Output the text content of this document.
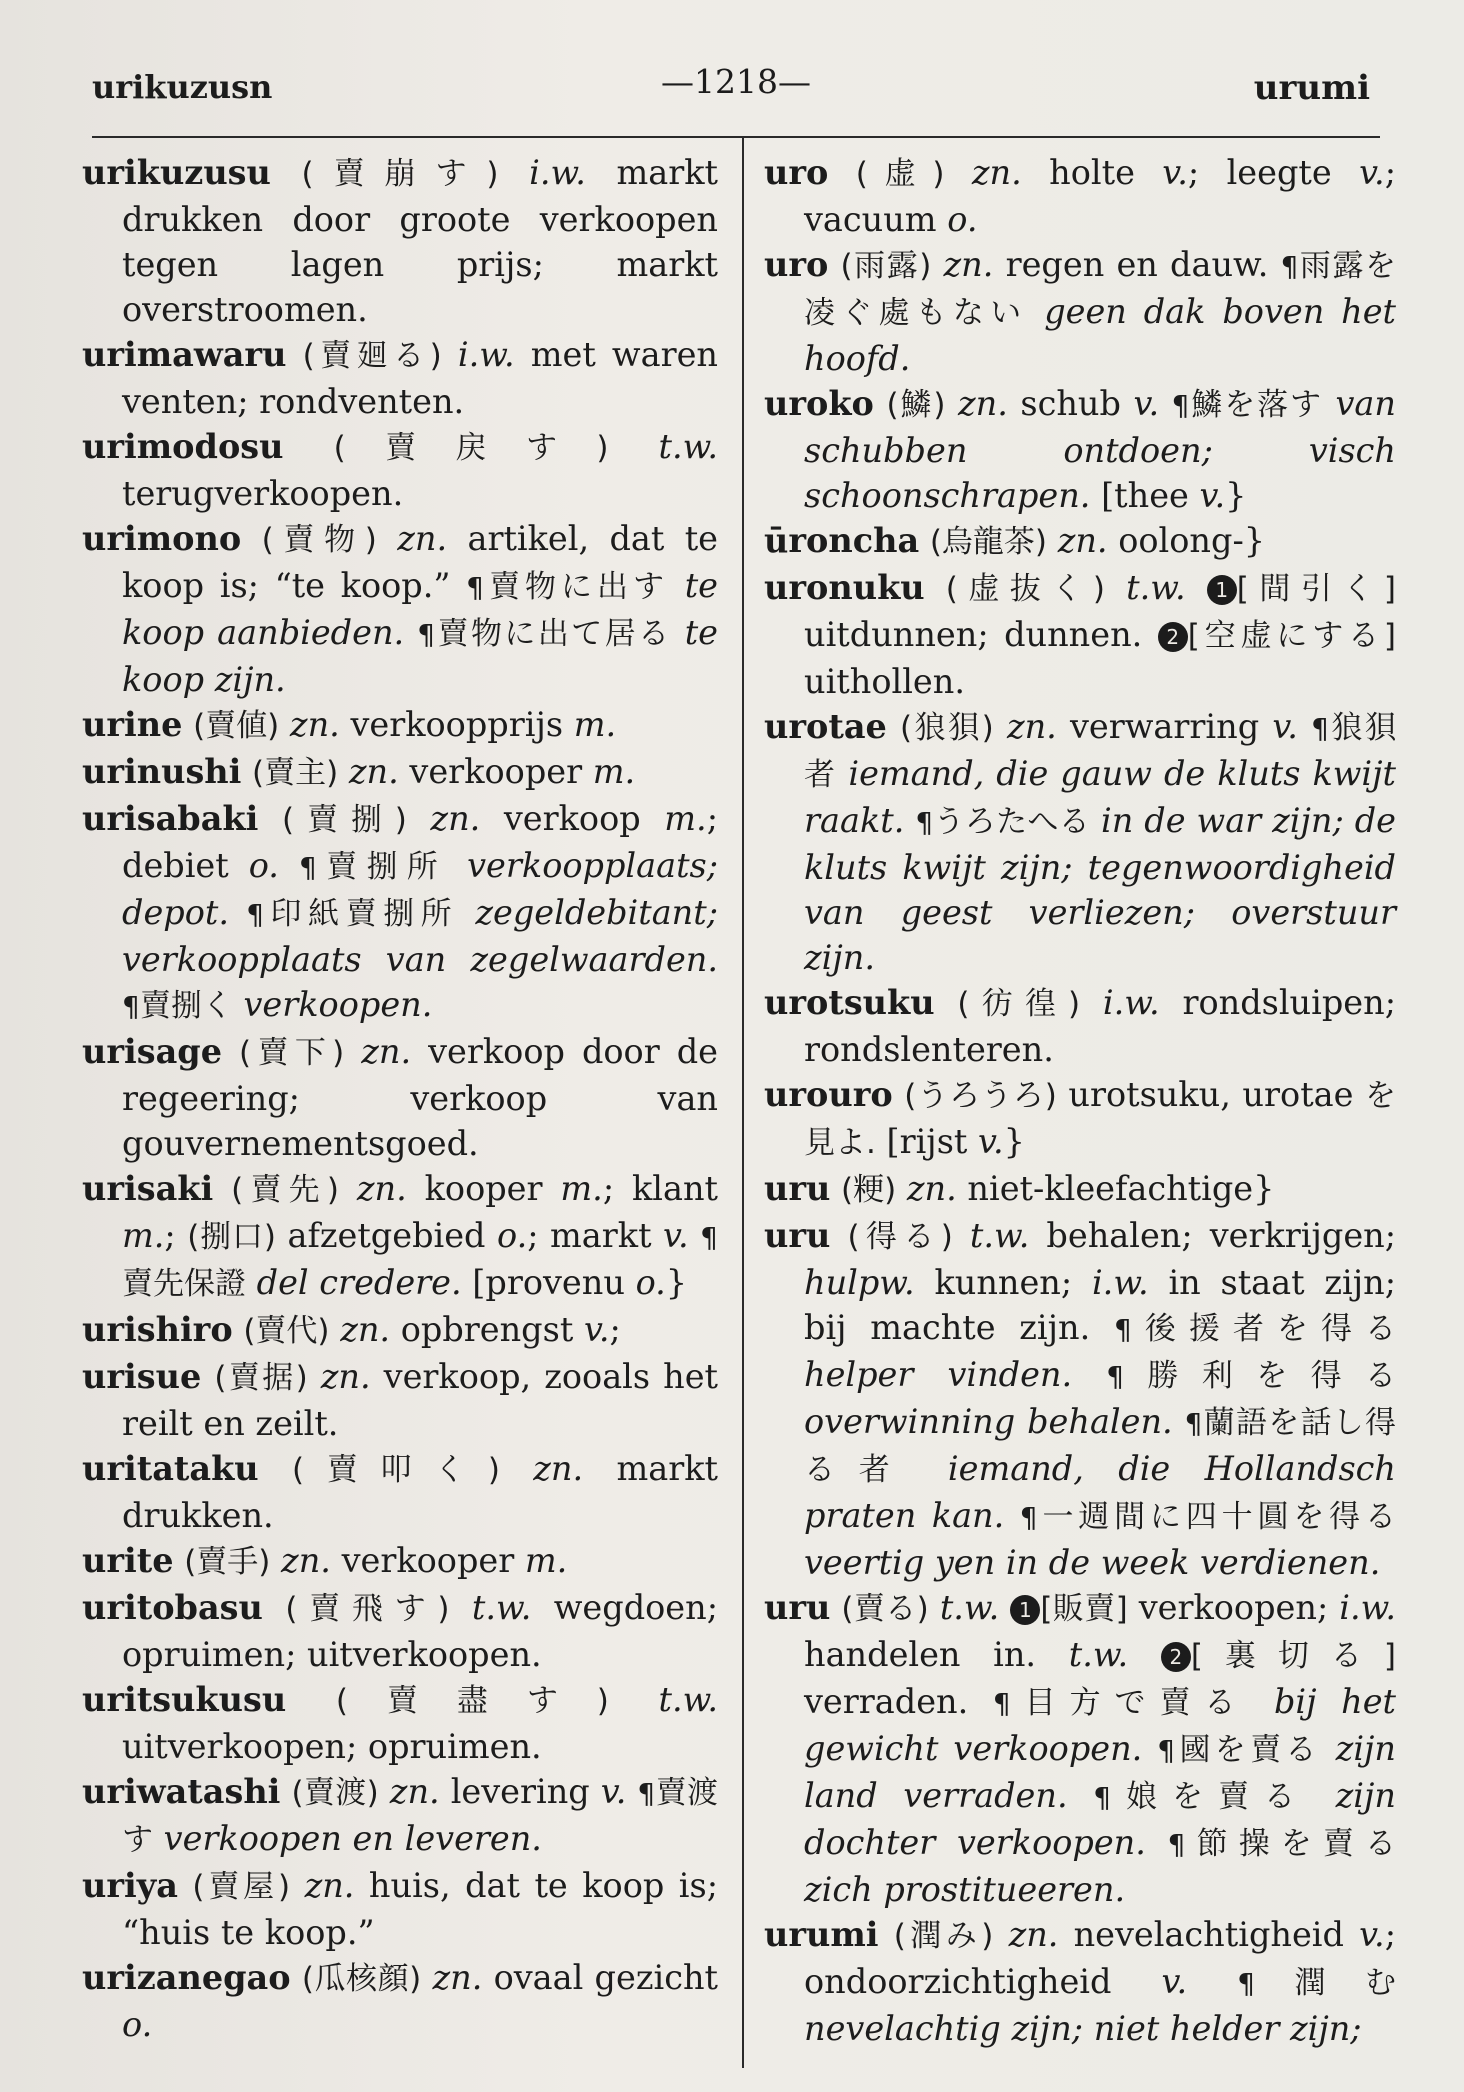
urikuzusn	—1218—	urumi

urikuzusu (賣崩す) i.w. markt drukken door groote verkoopen tegen lagen prijs; markt overstroomen.

urimawaru (賣廻る) i.w. met waren venten; rondventen.

urimodosu (賣戻す) t.w. terugverkoopen.

urimono (賣物) zn. artikel, dat te koop is; “te koop.” ¶賣物に出す te koop aanbieden. ¶賣物に出て居る te koop zijn.

urine (賣値) zn. verkoopprijs m.

urinushi (賣主) zn. verkooper m.

urisabaki (賣捌) zn. verkoop m.; debiet o. ¶賣捌所 verkoopplaats; depot. ¶印紙賣捌所 zegeldebitant; verkoopplaats van zegelwaarden. ¶賣捌く verkoopen.

urisage (賣下) zn. verkoop door de regeering; verkoop van gouvernementsgoed.

urisaki (賣先) zn. kooper m.; klant m.; (捌口) afzetgebied o.; markt v. ¶賣先保證 del credere. [provenu o.}

urishiro (賣代) zn. opbrengst v.;

urisue (賣据) zn. verkoop, zooals het reilt en zeilt.

uritataku (賣叩く) zn. markt drukken.

urite (賣手) zn. verkooper m.

uritobasu (賣飛す) t.w. wegdoen; opruimen; uitverkoopen.

uritsukusu (賣盡す) t.w. uitverkoopen; opruimen.

uriwatashi (賣渡) zn. levering v. ¶賣渡す verkoopen en leveren.

uriya (賣屋) zn. huis, dat te koop is; “huis te koop.”

urizanegao (瓜核顔) zn. ovaal gezicht o.

uro (虚) zn. holte v.; leegte v.; vacuum o.

uro (雨露) zn. regen en dauw. ¶雨露を凌ぐ處もない geen dak boven het hoofd.

uroko (鱗) zn. schub v. ¶鱗を落す van schubben ontdoen; visch schoonschrapen. [thee v.}

ūroncha (烏龍茶) zn. oolong-}

uronuku (虚抜く) t.w. 1 [間引く] uitdunnen; dunnen. 2 [空虚にする] uithollen.

urotae (狼狽) zn. verwarring v. ¶狼狽者 iemand, die gauw de kluts kwijt raakt. ¶うろたへる in de war zijn; de kluts kwijt zijn; tegenwoordigheid van geest verliezen; overstuur zijn.

urotsuku (彷徨) i.w. rondsluipen; rondslenteren.

urouro (うろうろ) urotsuku, urotae を見よ. [rijst v.}

uru (粳) zn. niet-kleefachtige}

uru (得る) t.w. behalen; verkrijgen; hulpw. kunnen; i.w. in staat zijn; bij machte zijn. ¶後援者を得る helper vinden. ¶勝利を得る overwinning behalen. ¶蘭語を話し得る者 iemand, die Hollandsch praten kan. ¶一週間に四十圓を得る veertig yen in de week verdienen.

uru (賣る) t.w. 1 [販賣] verkoopen; i.w. handelen in. t.w. 2 [裏切る] verraden. ¶目方で賣る bij het gewicht verkoopen. ¶國を賣る zijn land verraden. ¶娘を賣る zijn dochter verkoopen. ¶節操を賣る zich prostitueeren.

urumi (潤み) zn. nevelachtigheid v.; ondoorzichtigheid v. ¶潤む nevelachtig zijn; niet helder zijn;
